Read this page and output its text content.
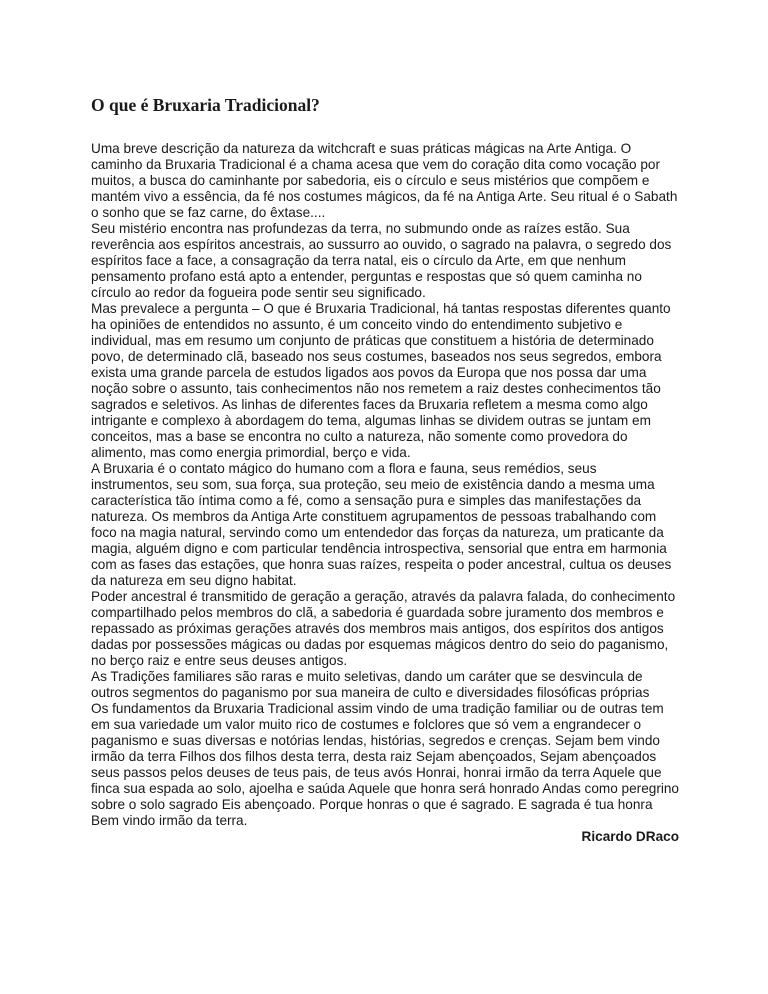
O que é Bruxaria Tradicional?

Uma breve descrição da natureza da witchcraft e suas práticas mágicas na Arte Antiga. O caminho da Bruxaria Tradicional é a chama acesa que vem do coração dita como vocação por muitos, a busca do caminhante por sabedoria, eis o círculo e seus mistérios que compõem e mantém vivo a essência, da fé nos costumes mágicos, da fé na Antiga Arte. Seu ritual é o Sabath o sonho que se faz carne, do êxtase....

Seu mistério encontra nas profundezas da terra, no submundo onde as raízes estão. Sua reverência aos espíritos ancestrais, ao sussurro ao ouvido, o sagrado na palavra, o segredo dos espíritos face a face, a consagração da terra natal, eis o círculo da Arte, em que nenhum pensamento profano está apto a entender, perguntas e respostas que só quem caminha no círculo ao redor da fogueira pode sentir seu significado.

Mas prevalece a pergunta – O que é Bruxaria Tradicional, há tantas respostas diferentes quanto ha opiniões de entendidos no assunto, é um conceito vindo do entendimento subjetivo e individual, mas em resumo um conjunto de práticas que constituem a história de determinado povo, de determinado clã, baseado nos seus costumes, baseados nos seus segredos, embora exista uma grande parcela de estudos ligados aos povos da Europa que nos possa dar uma noção sobre o assunto, tais conhecimentos não nos remetem a raiz destes conhecimentos tão sagrados e seletivos. As linhas de diferentes faces da Bruxaria refletem a mesma como algo intrigante e complexo à abordagem do tema, algumas linhas se dividem outras se juntam em conceitos, mas a base se encontra no culto a natureza, não somente como provedora do alimento, mas como energia primordial, berço e vida.

A Bruxaria é o contato mágico do humano com a flora e fauna, seus remédios, seus instrumentos, seu som, sua força, sua proteção, seu meio de existência dando a mesma uma característica tão íntima como a fé, como a sensação pura e simples das manifestações da natureza. Os membros da Antiga Arte constituem agrupamentos de pessoas trabalhando com foco na magia natural, servindo como um entendedor das forças da natureza, um praticante da magia, alguém digno e com particular tendência introspectiva, sensorial que entra em harmonia com as fases das estações, que honra suas raízes, respeita o poder ancestral, cultua os deuses da natureza em seu digno habitat.

Poder ancestral é transmitido de geração a geração, através da palavra falada, do conhecimento compartilhado pelos membros do clã, a sabedoria é guardada sobre juramento dos membros e repassado as próximas gerações através dos membros mais antigos, dos espíritos dos antigos dadas por possessões mágicas ou dadas por esquemas mágicos dentro do seio do paganismo, no berço raiz e entre seus deuses antigos.

As Tradições familiares são raras e muito seletivas, dando um caráter que se desvincula de outros segmentos do paganismo por sua maneira de culto e diversidades filosóficas próprias

Os fundamentos da Bruxaria Tradicional assim vindo de uma tradição familiar ou de outras tem em sua variedade um valor muito rico de costumes e folclores que só vem a engrandecer o paganismo e suas diversas e notórias lendas, histórias, segredos e crenças. Sejam bem vindo irmão da terra Filhos dos filhos desta terra, desta raiz Sejam abençoados, Sejam abençoados seus passos pelos deuses de teus pais, de teus avós Honrai, honrai irmão da terra Aquele que finca sua espada ao solo, ajoelha e saúda Aquele que honra será honrado Andas como peregrino sobre o solo sagrado Eis abençoado. Porque honras o que é sagrado. E sagrada é tua honra Bem vindo irmão da terra.

Ricardo DRaco
